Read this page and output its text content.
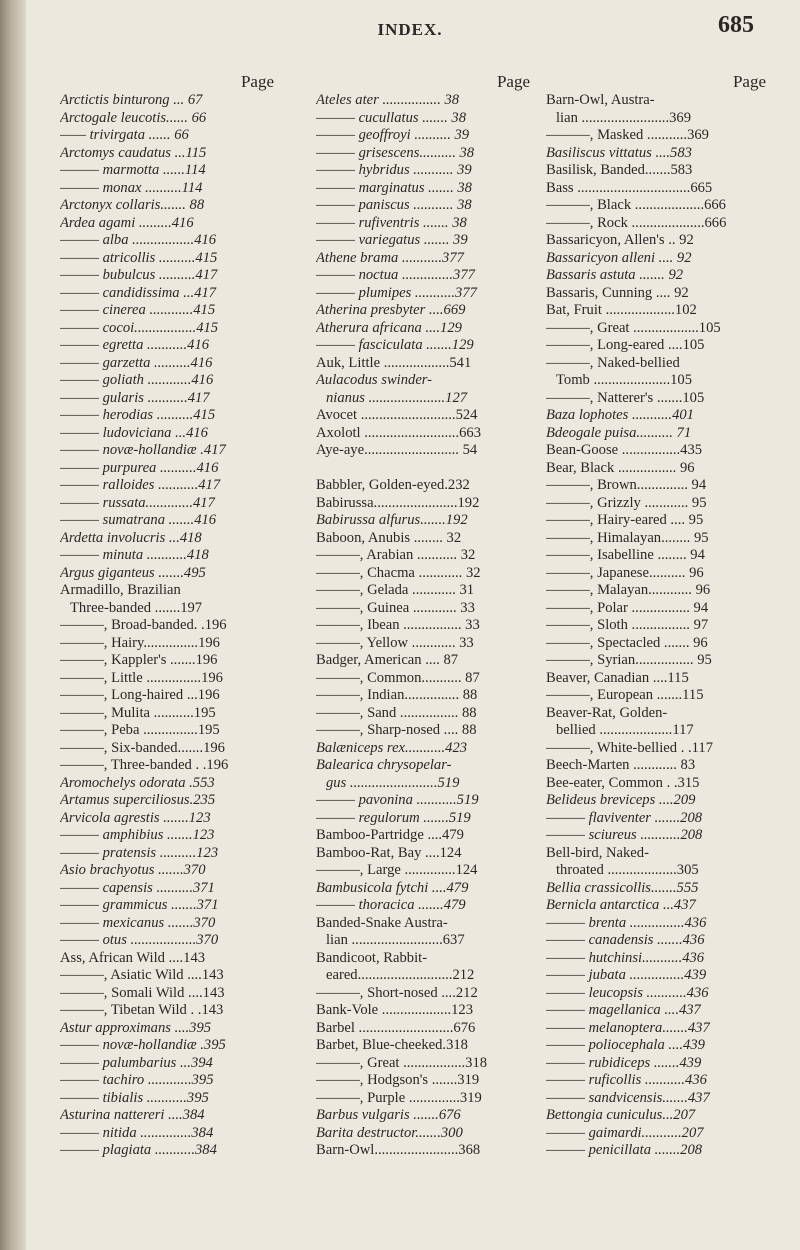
INDEX.	685
Page
Arctictis binturong ... 67
Arctogale leucotis...... 66
—— trivirgata ...... 66
Arctomys caudatus ...115
——— marmotta ......114
——— monax ..........114
Arctonyx collaris....... 88
Ardea agami .........416
——— alba .................416
——— atricollis ..........415
——— bubulcus ..........417
——— candidissima ...417
——— cinerea ............415
——— cocoi.................415
——— egretta ...........416
——— garzetta ..........416
——— goliath ............416
——— gularis ...........417
——— herodias ..........415
——— ludoviciana ...416
——— novæ-hollandiæ .417
——— purpurea ..........416
——— ralloides ...........417
——— russata.............417
——— sumatrana .......416
Ardetta involucris ...418
——— minuta ...........418
Argus giganteus .......495
Armadillo, Brazilian
Three-banded .......197
———, Broad-banded. .196
———, Hairy...............196
———, Kappler's .......196
———, Little ...............196
———, Long-haired ...196
———, Mulita ...........195
———, Peba ...............195
———, Six-banded.......196
———, Three-banded . .196
Aromochelys odorata .553
Artamus superciliosus.235
Arvicola agrestis .......123
——— amphibius .......123
——— pratensis ..........123
Asio brachyotus .......370
——— capensis ..........371
——— grammicus .......371
——— mexicanus .......370
——— otus ..................370
Ass, African Wild ....143
———, Asiatic Wild ....143
———, Somali Wild ....143
———, Tibetan Wild . .143
Astur approximans ....395
——— novæ-hollandiæ .395
——— palumbarius ...394
——— tachiro ............395
——— tibialis ...........395
Asturina nattereri ....384
——— nitida ..............384
——— plagiata ...........384
Page
Ateles ater ................ 38
——— cucullatus ....... 38
——— geoffroyi .......... 39
——— grisescens.......... 38
——— hybridus ........... 39
——— marginatus ....... 38
——— paniscus ........... 38
——— rufiventris ....... 38
——— variegatus ....... 39
Athene brama ...........377
——— noctua ..............377
——— plumipes ...........377
Atherina presbyter ....669
Atherura africana ....129
——— fasciculata .......129
Auk, Little ..................541
Aulacodus swinder-
nianus .....................127
Avocet ..........................524
Axolotl ..........................663
Aye-aye.......................... 54
Babbler, Golden-eyed.232
Babirussa.......................192
Babirussa alfurus.......192
Baboon, Anubis ........ 32
———, Arabian ........... 32
———, Chacma ............ 32
———, Gelada ............ 31
———, Guinea ............ 33
———, Ibean ................ 33
———, Yellow ............ 33
Badger, American .... 87
———, Common........... 87
———, Indian............... 88
———, Sand ................ 88
———, Sharp-nosed .... 88
Balæniceps rex...........423
Balearica chrysopelar-
gus ........................519
——— pavonina ...........519
——— regulorum .......519
Bamboo-Partridge ....479
Bamboo-Rat, Bay ....124
———, Large ..............124
Bambusicola fytchi ....479
——— thoracica .......479
Banded-Snake Austra-
lian .........................637
Bandicoot, Rabbit-
eared..........................212
———, Short-nosed ....212
Bank-Vole ...................123
Barbel ..........................676
Barbet, Blue-cheeked.318
———, Great .................318
———, Hodgson's .......319
———, Purple ..............319
Barbus vulgaris .......676
Barita destructor.......300
Barn-Owl.......................368
Page
Barn-Owl, Austra-
lian ........................369
———, Masked ...........369
Basiliscus vittatus ....583
Basilisk, Banded.......583
Bass ...............................665
———, Black ...................666
———, Rock ....................666
Bassaricyon, Allen's .. 92
Bassaricyon alleni .... 92
Bassaris astuta ....... 92
Bassaris, Cunning .... 92
Bat, Fruit ...................102
———, Great ..................105
———, Long-eared ....105
———, Naked-bellied
Tomb .....................105
———, Natterer's .......105
Baza lophotes ...........401
Bdeogale puisa.......... 71
Bean-Goose ................435
Bear, Black ................ 96
———, Brown.............. 94
———, Grizzly ............ 95
———, Hairy-eared .... 95
———, Himalayan........ 95
———, Isabelline ........ 94
———, Japanese.......... 96
———, Malayan............ 96
———, Polar ................ 94
———, Sloth ................ 97
———, Spectacled ....... 96
———, Syrian................ 95
Beaver, Canadian ....115
———, European .......115
Beaver-Rat, Golden-
bellied ....................117
———, White-bellied . .117
Beech-Marten ............ 83
Bee-eater, Common . .315
Belideus breviceps ....209
——— flaviventer .......208
——— sciureus ...........208
Bell-bird, Naked-
throated ...................305
Bellia crassicollis.......555
Bernicla antarctica ...437
——— brenta ...............436
——— canadensis .......436
——— hutchinsi...........436
——— jubata ...............439
——— leucopsis ...........436
——— magellanica ....437
——— melanoptera.......437
——— poliocephala ....439
——— rubidiceps .......439
——— ruficollis ...........436
——— sandvicensis.......437
Bettongia cuniculus...207
——— gaimardi...........207
——— penicillata .......208
